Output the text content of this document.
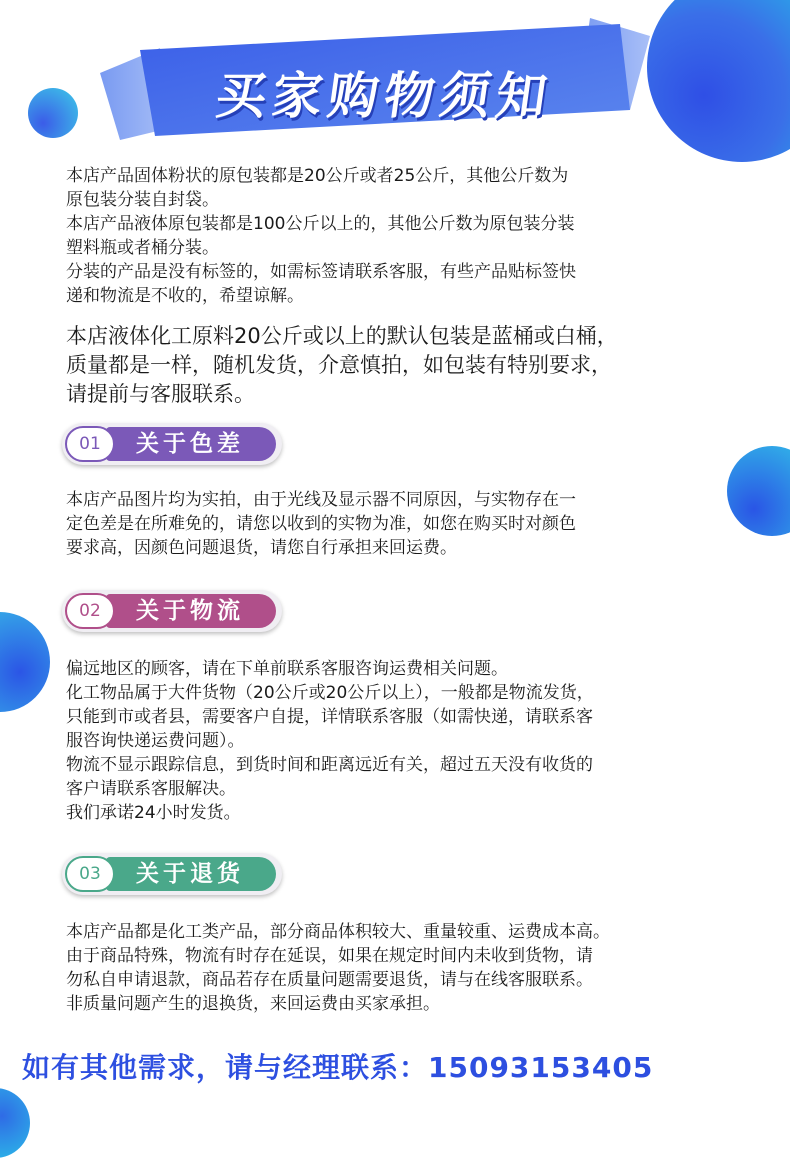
买家购物须知

本店产品固体粉状的原包装都是20公斤或者25公斤，其他公斤数为

原包装分装自封袋。

本店产品液体原包装都是100公斤以上的，其他公斤数为原包装分装

塑料瓶或者桶分装。

分装的产品是没有标签的，如需标签请联系客服，有些产品贴标签快

递和物流是不收的，希望谅解。

本店液体化工原料20公斤或以上的默认包装是蓝桶或白桶，
质量都是一样，随机发货，介意慎拍，如包装有特别要求，
请提前与客服联系。
01	关于色差

本店产品图片均为实拍，由于光线及显示器不同原因，与实物存在一

定色差是在所难免的，请您以收到的实物为准，如您在购买时对颜色

要求高，因颜色问题退货，请您自行承担来回运费。

02	关于物流

偏远地区的顾客，请在下单前联系客服咨询运费相关问题。

化工物品属于大件货物（20公斤或20公斤以上），一般都是物流发货，

只能到市或者县，需要客户自提，详情联系客服（如需快递，请联系客

服咨询快递运费问题）。

物流不显示跟踪信息，到货时间和距离远近有关，超过五天没有收货的

客户请联系客服解决。

我们承诺24小时发货。

03	关于退货

本店产品都是化工类产品，部分商品体积较大、重量较重、运费成本高。

由于商品特殊，物流有时存在延误，如果在规定时间内未收到货物，请

勿私自申请退款，商品若存在质量问题需要退货，请与在线客服联系。

非质量问题产生的退换货，来回运费由买家承担。

如有其他需求，请与经理联系：15093153405
